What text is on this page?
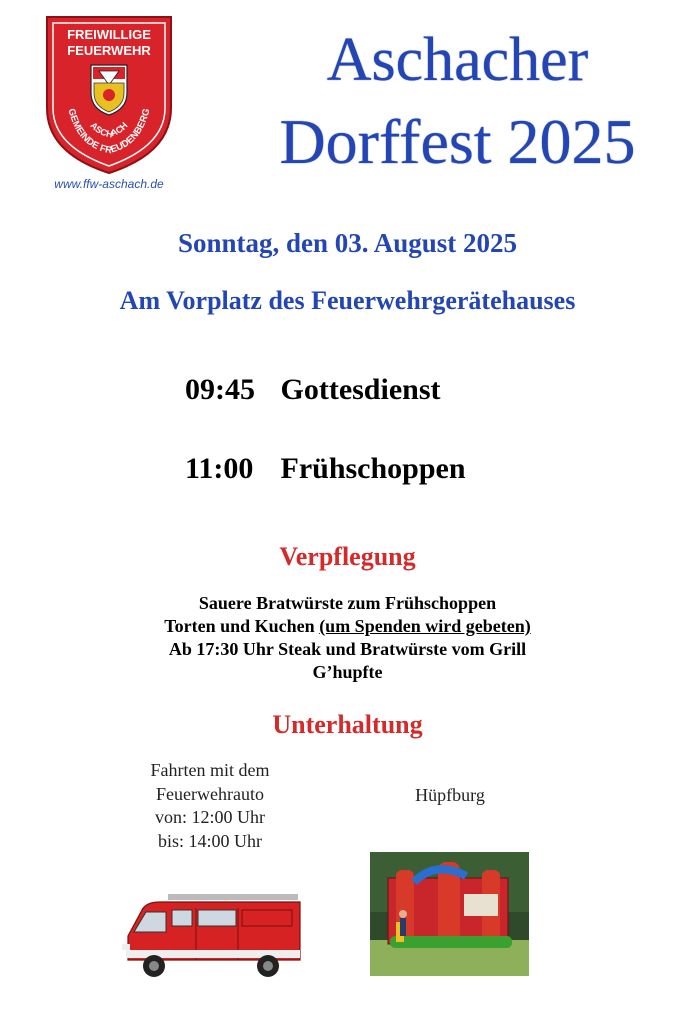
FREIWILLIGE
FEUERWEHR
GEMEINDE FREUDENBERG
ASCHACH
www.ffw-aschach.de
Aschacher
Dorffest 2025
Sonntag, den 03. August 2025
Am Vorplatz des Feuerwehrgerätehauses
09:45 Gottesdienst
11:00 Frühschoppen
Verpflegung
Sauere Bratwürste zum Frühschoppen
Torten und Kuchen (um Spenden wird gebeten)
Ab 17:30 Uhr Steak und Bratwürste vom Grill
G’hupfte
Unterhaltung
Fahrten mit dem
Feuerwehrauto
von: 12:00 Uhr
bis: 14:00 Uhr
Hüpfburg
